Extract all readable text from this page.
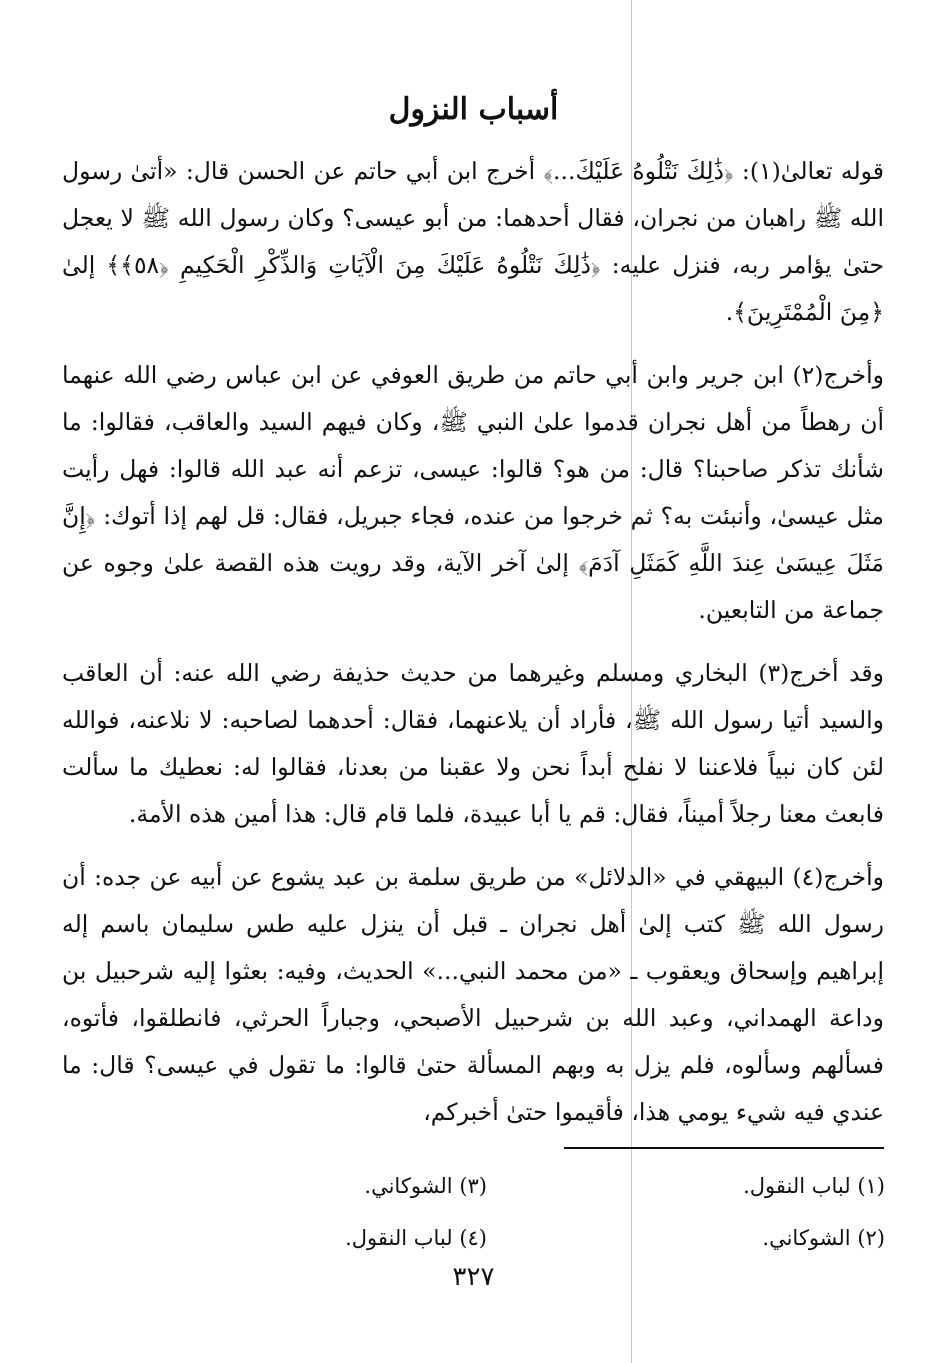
أسباب النزول

قوله تعالىٰ(١): ﴿ذَٰلِكَ نَتْلُوهُ عَلَيْكَ...﴾ أخرج ابن أبي حاتم عن الحسن قال: «أتىٰ رسول الله ﷺ راهبان من نجران، فقال أحدهما: من أبو عيسى؟ وكان رسول الله ﷺ لا يعجل حتىٰ يؤامر ربه، فنزل عليه: ﴿ذَٰلِكَ نَتْلُوهُ عَلَيْكَ مِنَ الْآيَاتِ وَالذِّكْرِ الْحَكِيمِ ﴿٥٨﴾﴾ إلىٰ ﴿مِنَ الْمُمْتَرِينَ﴾.

وأخرج(٢) ابن جرير وابن أبي حاتم من طريق العوفي عن ابن عباس رضي الله عنهما أن رهطاً من أهل نجران قدموا علىٰ النبي ﷺ، وكان فيهم السيد والعاقب، فقالوا: ما شأنك تذكر صاحبنا؟ قال: من هو؟ قالوا: عيسى، تزعم أنه عبد الله قالوا: فهل رأيت مثل عيسىٰ، وأنبئت به؟ ثم خرجوا من عنده، فجاء جبريل، فقال: قل لهم إذا أتوك: ﴿إِنَّ مَثَلَ عِيسَىٰ عِندَ اللَّهِ كَمَثَلِ آدَمَ﴾ إلىٰ آخر الآية، وقد رويت هذه القصة علىٰ وجوه عن جماعة من التابعين.

وقد أخرج(٣) البخاري ومسلم وغيرهما من حديث حذيفة رضي الله عنه: أن العاقب والسيد أتيا رسول الله ﷺ، فأراد أن يلاعنهما، فقال: أحدهما لصاحبه: لا نلاعنه، فوالله لئن كان نبياً فلاعننا لا نفلح أبداً نحن ولا عقبنا من بعدنا، فقالوا له: نعطيك ما سألت فابعث معنا رجلاً أميناً، فقال: قم يا أبا عبيدة، فلما قام قال: هذا أمين هذه الأمة.

وأخرج(٤) البيهقي في «الدلائل» من طريق سلمة بن عبد يشوع عن أبيه عن جده: أن رسول الله ﷺ كتب إلىٰ أهل نجران ـ قبل أن ينزل عليه طس سليمان باسم إله إبراهيم وإسحاق ويعقوب ـ «من محمد النبي...» الحديث، وفيه: بعثوا إليه شرحبيل بن وداعة الهمداني، وعبد الله بن شرحبيل الأصبحي، وجباراً الحرثي، فانطلقوا، فأتوه، فسألهم وسألوه، فلم يزل به وبهم المسألة حتىٰ قالوا: ما تقول في عيسى؟ قال: ما عندي فيه شيء يومي هذا، فأقيموا حتىٰ أخبركم،

(١) لباب النقول.
(٢) الشوكاني.
(٣) الشوكاني.
(٤) لباب النقول.
٣٢٧
